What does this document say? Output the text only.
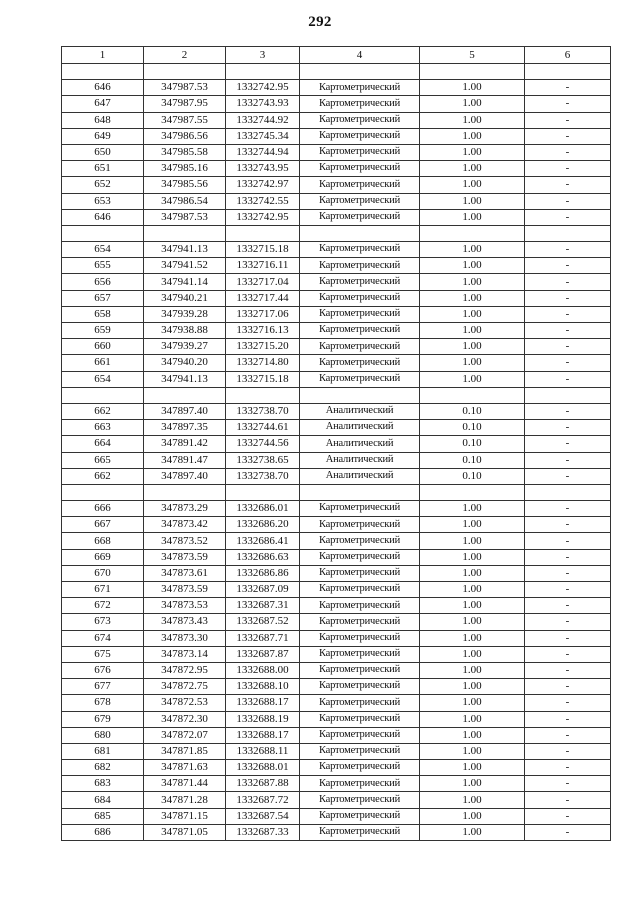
292
1	2	3	4	5	6

646	347987.53	1332742.95	Картометрический	1.00	-
647	347987.95	1332743.93	Картометрический	1.00	-
648	347987.55	1332744.92	Картометрический	1.00	-
649	347986.56	1332745.34	Картометрический	1.00	-
650	347985.58	1332744.94	Картометрический	1.00	-
651	347985.16	1332743.95	Картометрический	1.00	-
652	347985.56	1332742.97	Картометрический	1.00	-
653	347986.54	1332742.55	Картометрический	1.00	-
646	347987.53	1332742.95	Картометрический	1.00	-

654	347941.13	1332715.18	Картометрический	1.00	-
655	347941.52	1332716.11	Картометрический	1.00	-
656	347941.14	1332717.04	Картометрический	1.00	-
657	347940.21	1332717.44	Картометрический	1.00	-
658	347939.28	1332717.06	Картометрический	1.00	-
659	347938.88	1332716.13	Картометрический	1.00	-
660	347939.27	1332715.20	Картометрический	1.00	-
661	347940.20	1332714.80	Картометрический	1.00	-
654	347941.13	1332715.18	Картометрический	1.00	-

662	347897.40	1332738.70	Аналитический	0.10	-
663	347897.35	1332744.61	Аналитический	0.10	-
664	347891.42	1332744.56	Аналитический	0.10	-
665	347891.47	1332738.65	Аналитический	0.10	-
662	347897.40	1332738.70	Аналитический	0.10	-

666	347873.29	1332686.01	Картометрический	1.00	-
667	347873.42	1332686.20	Картометрический	1.00	-
668	347873.52	1332686.41	Картометрический	1.00	-
669	347873.59	1332686.63	Картометрический	1.00	-
670	347873.61	1332686.86	Картометрический	1.00	-
671	347873.59	1332687.09	Картометрический	1.00	-
672	347873.53	1332687.31	Картометрический	1.00	-
673	347873.43	1332687.52	Картометрический	1.00	-
674	347873.30	1332687.71	Картометрический	1.00	-
675	347873.14	1332687.87	Картометрический	1.00	-
676	347872.95	1332688.00	Картометрический	1.00	-
677	347872.75	1332688.10	Картометрический	1.00	-
678	347872.53	1332688.17	Картометрический	1.00	-
679	347872.30	1332688.19	Картометрический	1.00	-
680	347872.07	1332688.17	Картометрический	1.00	-
681	347871.85	1332688.11	Картометрический	1.00	-
682	347871.63	1332688.01	Картометрический	1.00	-
683	347871.44	1332687.88	Картометрический	1.00	-
684	347871.28	1332687.72	Картометрический	1.00	-
685	347871.15	1332687.54	Картометрический	1.00	-
686	347871.05	1332687.33	Картометрический	1.00	-
